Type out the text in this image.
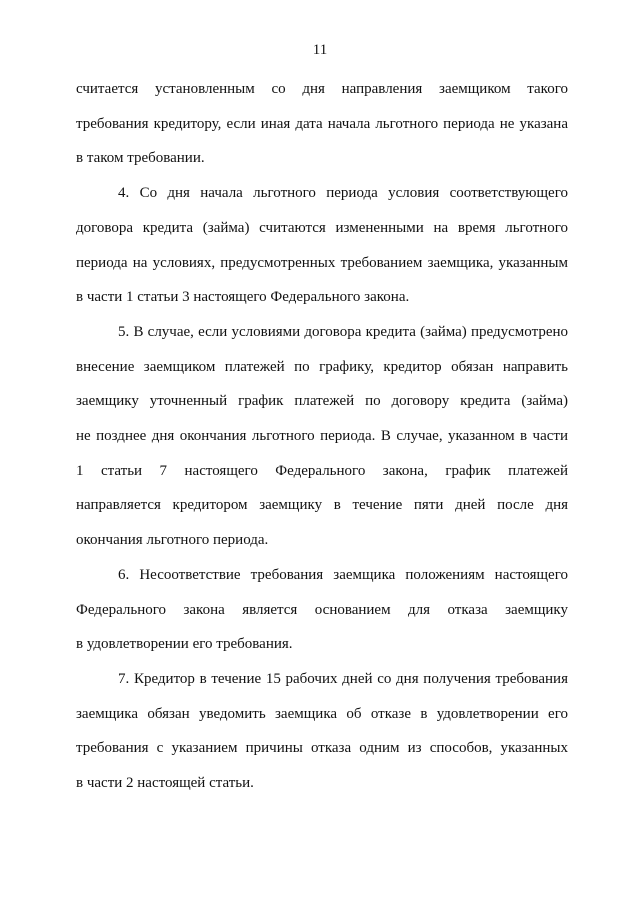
11
считается установленным со дня направления заемщиком такого
требования кредитору, если иная дата начала льготного периода не указана
в таком требовании.
4. Со дня начала льготного периода условия соответствующего
договора кредита (займа) считаются измененными на время льготного
периода на условиях, предусмотренных требованием заемщика, указанным
в части 1 статьи 3 настоящего Федерального закона.
5. В случае, если условиями договора кредита (займа) предусмотрено
внесение заемщиком платежей по графику, кредитор обязан направить
заемщику уточненный график платежей по договору кредита (займа)
не позднее дня окончания льготного периода. В случае, указанном в части
1 статьи 7 настоящего Федерального закона, график платежей
направляется кредитором заемщику в течение пяти дней после дня
окончания льготного периода.
6. Несоответствие требования заемщика положениям настоящего
Федерального закона является основанием для отказа заемщику
в удовлетворении его требования.
7. Кредитор в течение 15 рабочих дней со дня получения требования
заемщика обязан уведомить заемщика об отказе в удовлетворении его
требования с указанием причины отказа одним из способов, указанных
в части 2 настоящей статьи.
